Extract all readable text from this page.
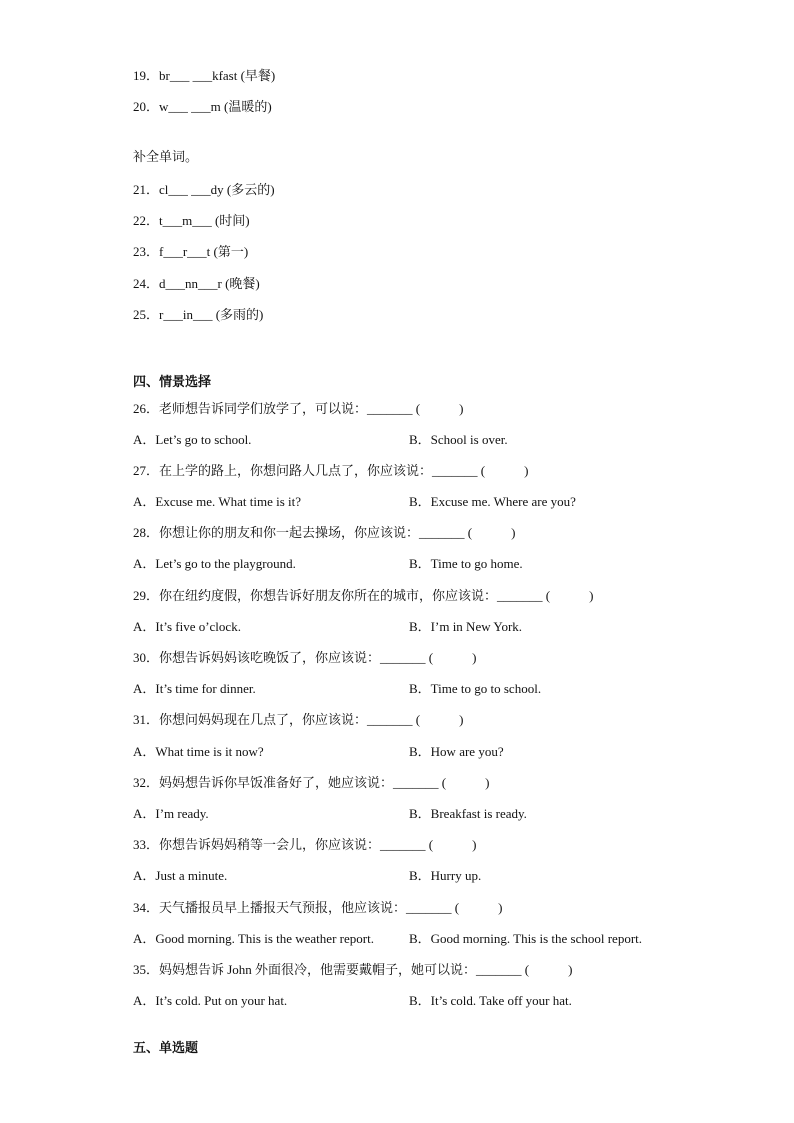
19．br___ ___kfast (早餐)
20．w___ ___m (温暖的)
补全单词。
21．cl___ ___dy (多云的)
22．t___m___ (时间)
23．f___r___t (第一)
24．d___nn___r (晚餐)
25．r___in___ (多雨的)
四、情景选择
26．老师想告诉同学们放学了，可以说：_______ (　　　)
A．Let’s go to school.	B．School is over.
27．在上学的路上，你想问路人几点了，你应该说：_______ (　　　)
A．Excuse me. What time is it?	B．Excuse me. Where are you?
28．你想让你的朋友和你一起去操场，你应该说：_______ (　　　)
A．Let’s go to the playground.	B．Time to go home.
29．你在纽约度假，你想告诉好朋友你所在的城市，你应该说：_______ (　　　)
A．It’s five o’clock.	B．I’m in New York.
30．你想告诉妈妈该吃晚饭了，你应该说：_______ (　　　)
A．It’s time for dinner.	B．Time to go to school.
31．你想问妈妈现在几点了，你应该说：_______ (　　　)
A．What time is it now?	B．How are you?
32．妈妈想告诉你早饭准备好了，她应该说：_______ (　　　)
A．I’m ready.	B．Breakfast is ready.
33．你想告诉妈妈稍等一会儿，你应该说：_______ (　　　)
A．Just a minute.	B．Hurry up.
34．天气播报员早上播报天气预报，他应该说：_______ (　　　)
A．Good morning. This is the weather report.	B．Good morning. This is the school report.
35．妈妈想告诉 John 外面很冷，他需要戴帽子，她可以说：_______ (　　　)
A．It’s cold. Put on your hat.	B．It’s cold. Take off your hat.
五、单选题
